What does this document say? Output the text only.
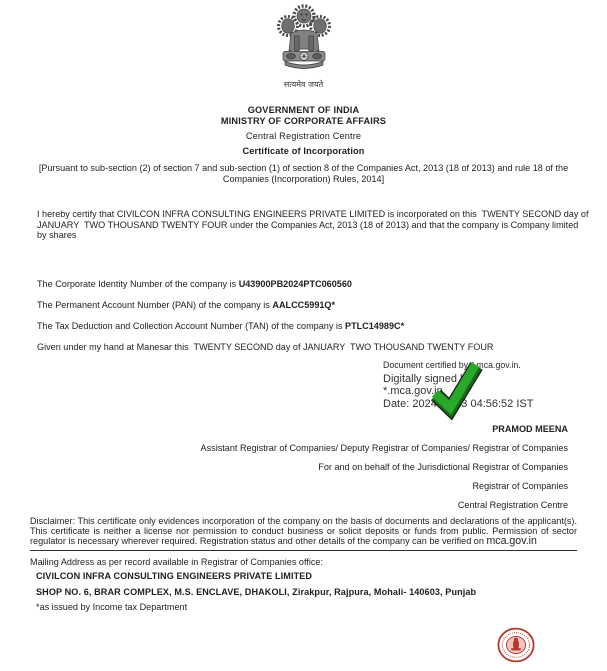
सत्यमेव जयते
GOVERNMENT OF INDIA
MINISTRY OF CORPORATE AFFAIRS
Central Registration Centre
Certificate of Incorporation
[Pursuant to sub-section (2) of section 7 and sub-section (1) of section 8 of the Companies Act, 2013 (18 of 2013) and rule 18 of the Companies (Incorporation) Rules, 2014]
I hereby certify that CIVILCON INFRA CONSULTING ENGINEERS PRIVATE LIMITED is incorporated on this  TWENTY SECOND day of JANUARY  TWO THOUSAND TWENTY FOUR under the Companies Act, 2013 (18 of 2013) and that the company is Company limited by shares
The Corporate Identity Number of the company is U43900PB2024PTC060560
The Permanent Account Number (PAN) of the company is AALCC5991Q*
The Tax Deduction and Collection Account Number (TAN) of the company is PTLC14989C*
Given under my hand at Manesar this  TWENTY SECOND day of JANUARY  TWO THOUSAND TWENTY FOUR
Document certified by *.mca.gov.in.
Digitally signed by
*.mca.gov.in
Date: 2024.01.23 04:56:52 IST
PRAMOD MEENA
Assistant Registrar of Companies/ Deputy Registrar of Companies/ Registrar of Companies
For and on behalf of the Jurisdictional Registrar of Companies
Registrar of Companies
Central Registration Centre
Disclaimer: This certificate only evidences incorporation of the company on the basis of documents and declarations of the applicant(s). This certificate is neither a license nor permission to conduct business or solicit deposits or funds from public. Permission of sector regulator is necessary wherever required. Registration status and other details of the company can be verified on mca.gov.in
Mailing Address as per record available in Registrar of Companies office:
CIVILCON INFRA CONSULTING ENGINEERS PRIVATE LIMITED
SHOP NO. 6, BRAR COMPLEX, M.S. ENCLAVE, DHAKOLI, Zirakpur, Rajpura, Mohali- 140603, Punjab
*as issued by Income tax Department
